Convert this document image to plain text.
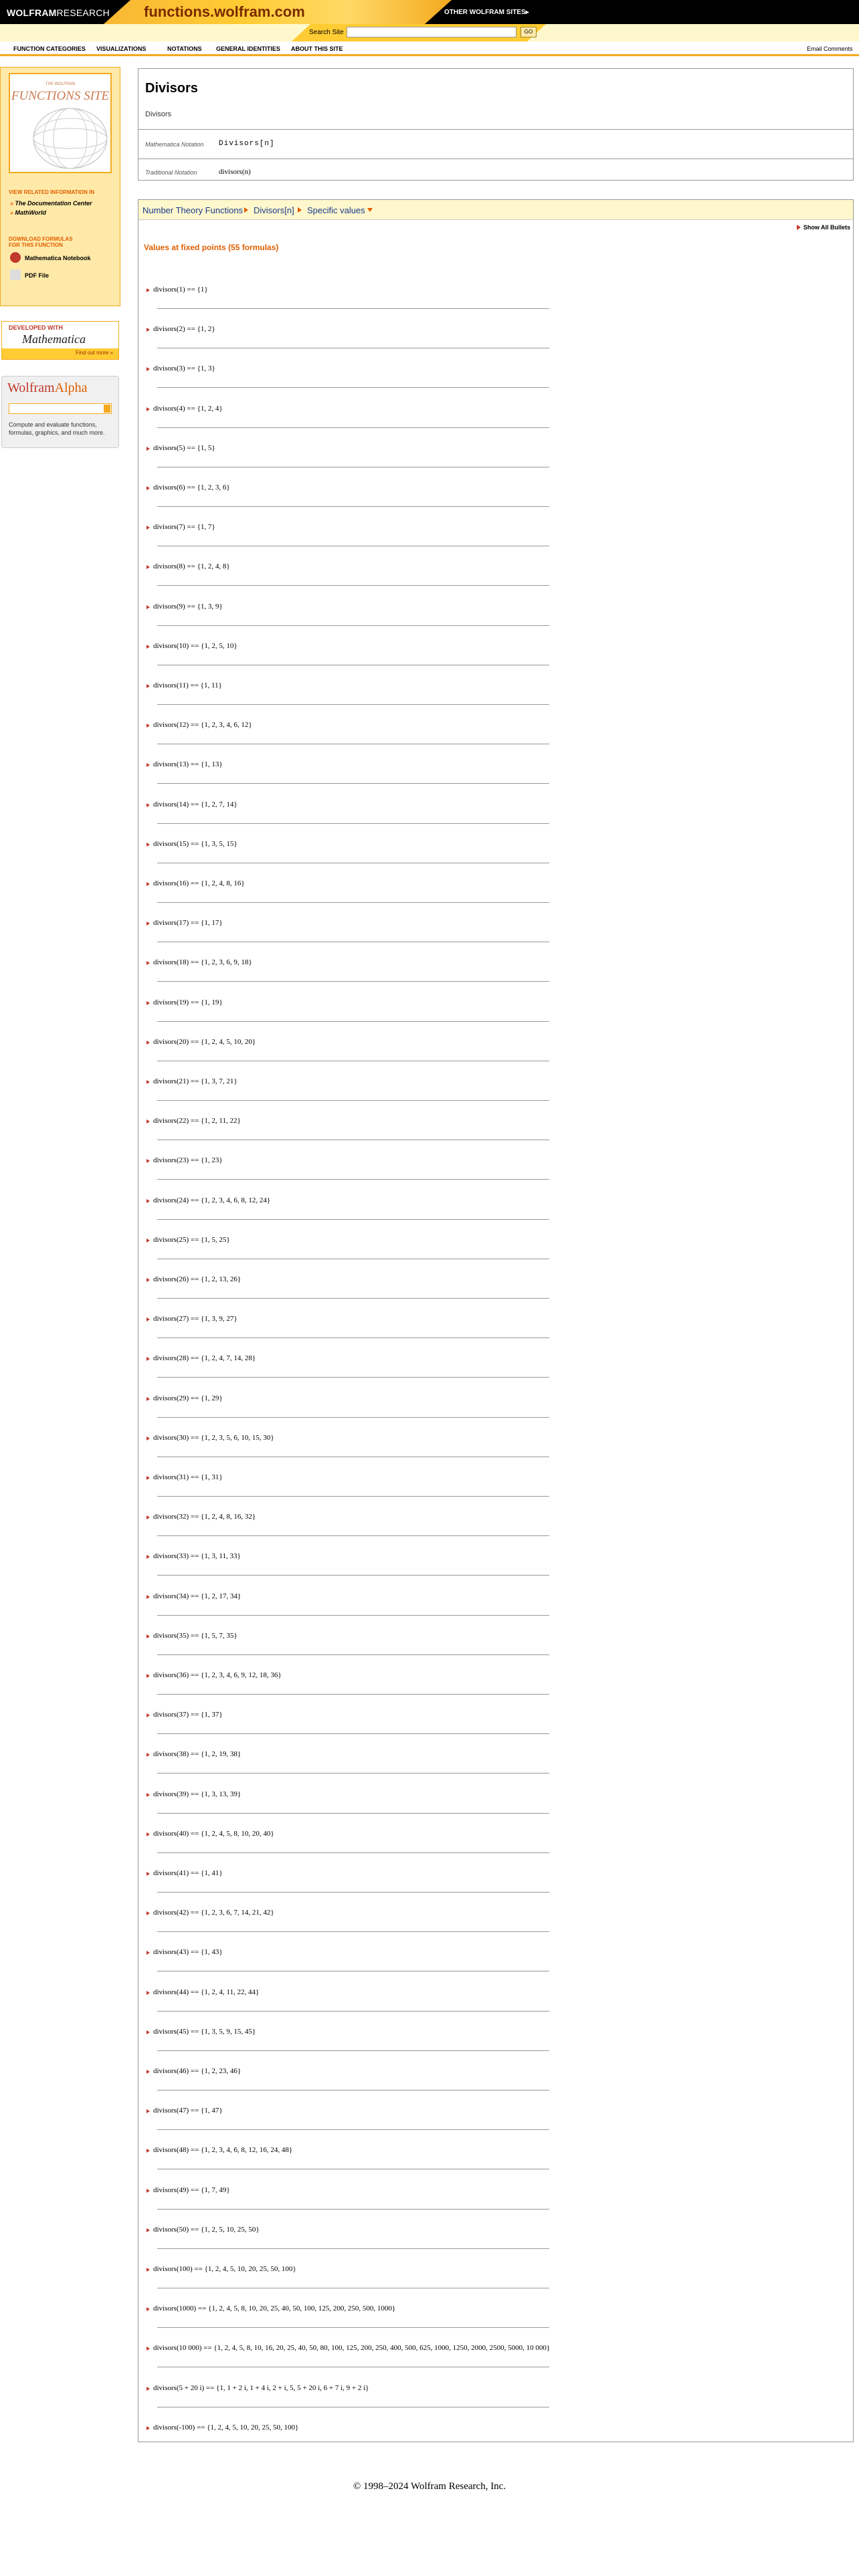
WOLFRAMRESEARCH functions.wolfram.com	OTHER WOLFRAM SITES▸
Search Site	GO
FUNCTION CATEGORIES VISUALIZATIONS	NOTATIONS GENERAL IDENTITIES ABOUT THIS SITE	Email Comments
THE WOLFRAM
FUNCTIONS SITE
VIEW RELATED INFORMATION IN
» The Documentation Center
» MathWorld
DOWNLOAD FORMULAS
FOR THIS FUNCTION
Mathematica Notebook
PDF File
DEVELOPED WITH
Mathematica
Find out more »
WolframAlpha
Compute and evaluate functions, formulas, graphics, and much more.
Divisors
Divisors
Mathematica Notation Divisors[n]
Traditional Notation	divisors(n)
Number Theory Functions Divisors[n] Specific values
Show All Bullets
Values at fixed points (55 formulas)
divisors(1) == {1}
divisors(2) == {1, 2}
divisors(3) == {1, 3}
divisors(4) == {1, 2, 4}
divisors(5) == {1, 5}
divisors(6) == {1, 2, 3, 6}
divisors(7) == {1, 7}
divisors(8) == {1, 2, 4, 8}
divisors(9) == {1, 3, 9}
divisors(10) == {1, 2, 5, 10}
divisors(11) == {1, 11}
divisors(12) == {1, 2, 3, 4, 6, 12}
divisors(13) == {1, 13}
divisors(14) == {1, 2, 7, 14}
divisors(15) == {1, 3, 5, 15}
divisors(16) == {1, 2, 4, 8, 16}
divisors(17) == {1, 17}
divisors(18) == {1, 2, 3, 6, 9, 18}
divisors(19) == {1, 19}
divisors(20) == {1, 2, 4, 5, 10, 20}
divisors(21) == {1, 3, 7, 21}
divisors(22) == {1, 2, 11, 22}
divisors(23) == {1, 23}
divisors(24) == {1, 2, 3, 4, 6, 8, 12, 24}
divisors(25) == {1, 5, 25}
divisors(26) == {1, 2, 13, 26}
divisors(27) == {1, 3, 9, 27}
divisors(28) == {1, 2, 4, 7, 14, 28}
divisors(29) == {1, 29}
divisors(30) == {1, 2, 3, 5, 6, 10, 15, 30}
divisors(31) == {1, 31}
divisors(32) == {1, 2, 4, 8, 16, 32}
divisors(33) == {1, 3, 11, 33}
divisors(34) == {1, 2, 17, 34}
divisors(35) == {1, 5, 7, 35}
divisors(36) == {1, 2, 3, 4, 6, 9, 12, 18, 36}
divisors(37) == {1, 37}
divisors(38) == {1, 2, 19, 38}
divisors(39) == {1, 3, 13, 39}
divisors(40) == {1, 2, 4, 5, 8, 10, 20, 40}
divisors(41) == {1, 41}
divisors(42) == {1, 2, 3, 6, 7, 14, 21, 42}
divisors(43) == {1, 43}
divisors(44) == {1, 2, 4, 11, 22, 44}
divisors(45) == {1, 3, 5, 9, 15, 45}
divisors(46) == {1, 2, 23, 46}
divisors(47) == {1, 47}
divisors(48) == {1, 2, 3, 4, 6, 8, 12, 16, 24, 48}
divisors(49) == {1, 7, 49}
divisors(50) == {1, 2, 5, 10, 25, 50}
divisors(100) == {1, 2, 4, 5, 10, 20, 25, 50, 100}
divisors(1000) == {1, 2, 4, 5, 8, 10, 20, 25, 40, 50, 100, 125, 200, 250, 500, 1000}
divisors(10 000) == {1, 2, 4, 5, 8, 10, 16, 20, 25, 40, 50, 80, 100, 125, 200, 250, 400, 500, 625, 1000, 1250, 2000, 2500, 5000, 10 000}
divisors(5 + 20 i) == {1, 1 + 2 i, 1 + 4 i, 2 + i, 5, 5 + 20 i, 6 + 7 i, 9 + 2 i}
divisors(-100) == {1, 2, 4, 5, 10, 20, 25, 50, 100}
© 1998–2024 Wolfram Research, Inc.
